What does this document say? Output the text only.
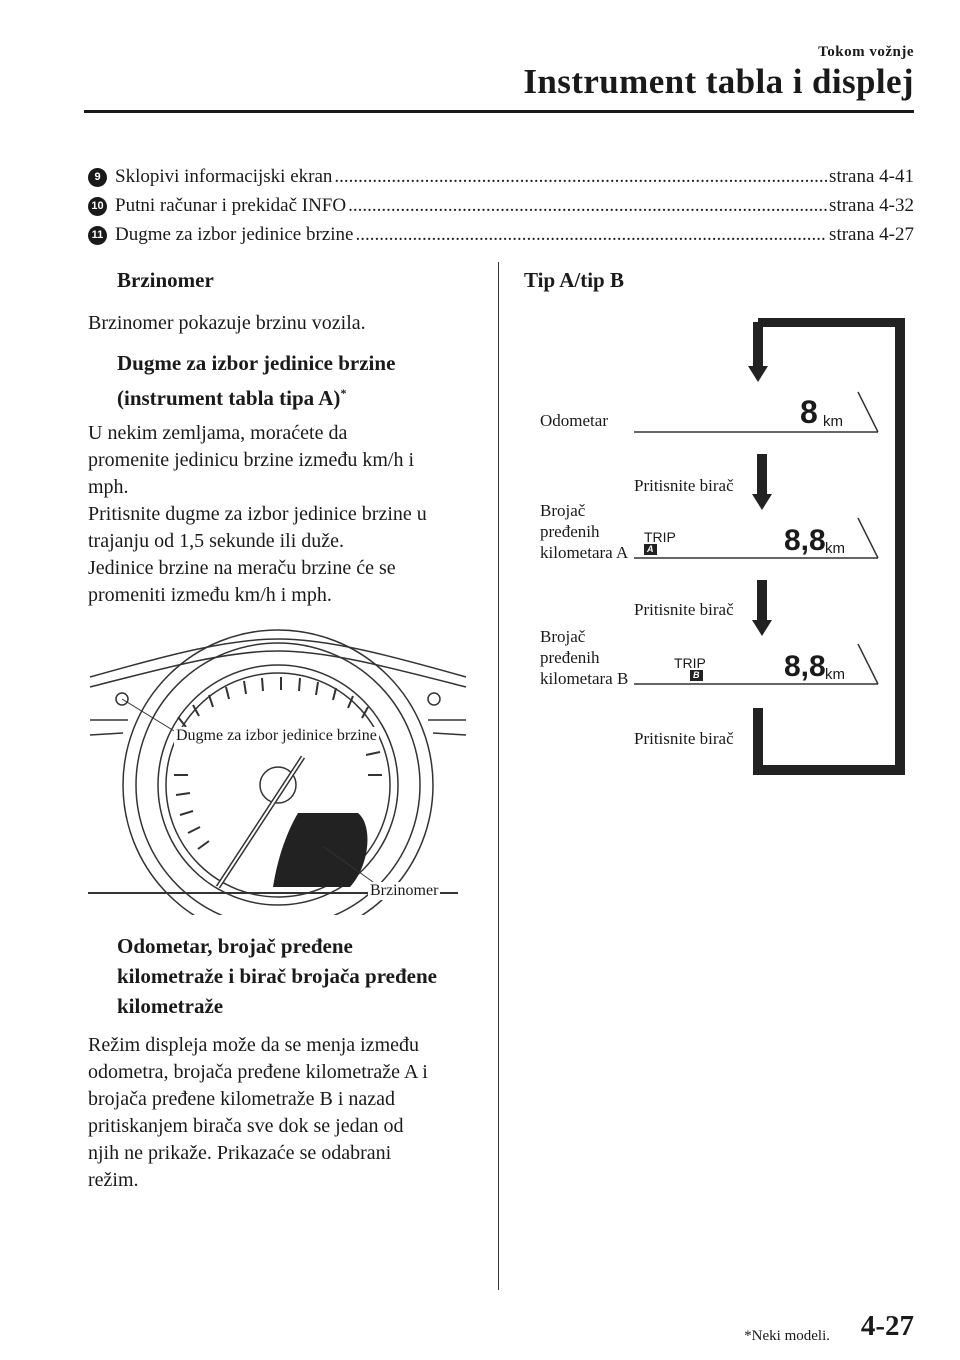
Tokom vožnje
Instrument tabla i displej
9 Sklopivi informacijski ekran .....	strana 4-41
10 Putni računar i prekidač INFO .....	strana 4-32
11 Dugme za izbor jedinice brzine .....	strana 4-27
Brzinomer
Brzinomer pokazuje brzinu vozila.
Dugme za izbor jedinice brzine
(instrument tabla tipa A)*
U nekim zemljama, moraćete da
promenite jedinicu brzine između km/h i
mph.
Pritisnite dugme za izbor jedinice brzine u
trajanju od 1,5 sekunde ili duže.
Jedinice brzine na meraču brzine će se
promeniti između km/h i mph.
Dugme za izbor jedinice brzine
Brzinomer
Odometar, brojač pređene
kilometraže i birač brojača pređene
kilometraže
Režim displeja može da se menja između
odometra, brojača pređene kilometraže A i
brojača pređene kilometraže B i nazad
pritiskanjem birača sve dok se jedan od
njih ne prikaže. Prikazaće se odabrani
režim.
Tip A/tip B
8 km
TRIP
A	8,8 km
TRIP
B	8,8 km
Odometar
Pritisnite birač
Brojač
pređenih
kilometara A
Pritisnite birač
Brojač
pređenih
kilometara B
Pritisnite birač
*Neki modeli. 4-27
